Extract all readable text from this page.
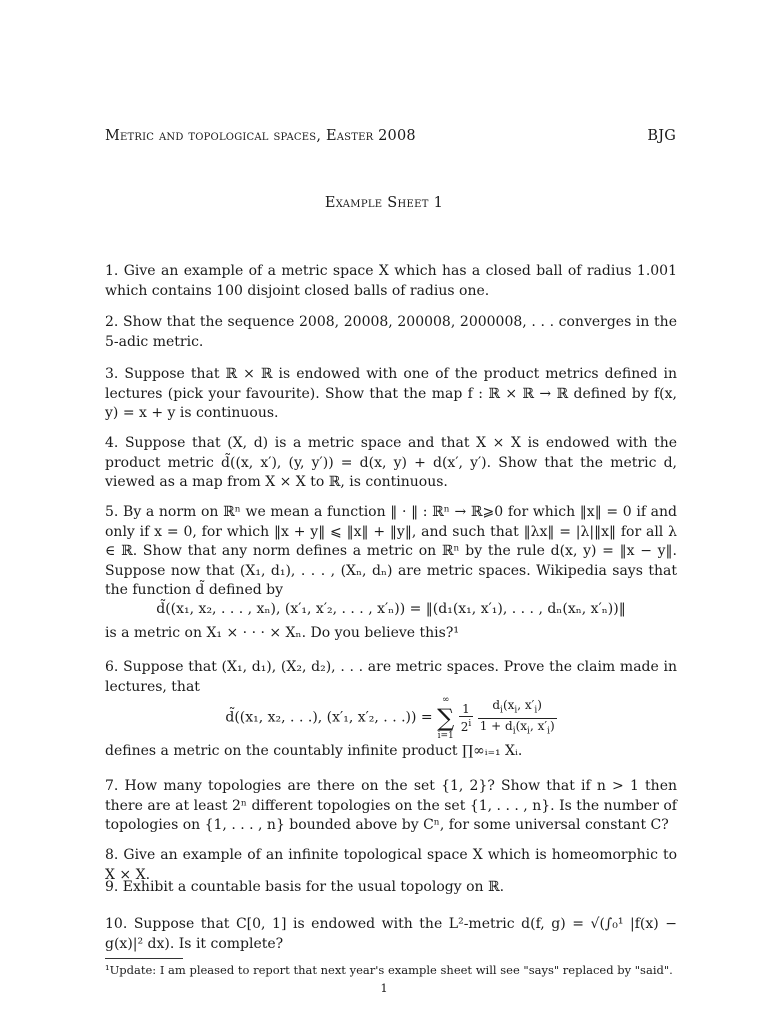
Metric and topological spaces, Easter 2008	BJG
Example Sheet 1

1. Give an example of a metric space X which has a closed ball of radius 1.001 which contains 100 disjoint closed balls of radius one.

2. Show that the sequence 2008, 20008, 200008, 2000008, . . . converges in the 5-adic metric.

3. Suppose that ℝ × ℝ is endowed with one of the product metrics defined in lectures (pick your favourite). Show that the map f : ℝ × ℝ → ℝ defined by f(x, y) = x + y is continuous.

4. Suppose that (X, d) is a metric space and that X × X is endowed with the product metric d̃((x, x′), (y, y′)) = d(x, y) + d(x′, y′). Show that the metric d, viewed as a map from X × X to ℝ, is continuous.

5. By a norm on ℝⁿ we mean a function ‖ · ‖ : ℝⁿ → ℝ⩾0 for which ‖x‖ = 0 if and only if x = 0, for which ‖x + y‖ ⩽ ‖x‖ + ‖y‖, and such that ‖λx‖ = |λ|‖x‖ for all λ ∈ ℝ. Show that any norm defines a metric on ℝⁿ by the rule d(x, y) = ‖x − y‖. Suppose now that (X₁, d₁), . . . , (Xₙ, dₙ) are metric spaces. Wikipedia says that the function d̃ defined by

d̃((x₁, x₂, . . . , xₙ), (x′₁, x′₂, . . . , x′ₙ)) = ‖(d₁(x₁, x′₁), . . . , dₙ(xₙ, x′ₙ))‖

is a metric on X₁ × · · · × Xₙ. Do you believe this?¹

6. Suppose that (X₁, d₁), (X₂, d₂), . . . are metric spaces. Prove the claim made in lectures, that

d̃((x₁, x₂, . . .), (x′₁, x′₂, . . .)) =
∞
∑
i=1

$\frac{1}{2^i}$
$\frac{d_i(x_i, x'_i)}{1 + d_i(x_i, x'_i)}$

defines a metric on the countably infinite product ∏∞ᵢ₌₁ Xᵢ.

7. How many topologies are there on the set {1, 2}? Show that if n > 1 then there are at least 2ⁿ different topologies on the set {1, . . . , n}. Is the number of topologies on {1, . . . , n} bounded above by Cⁿ, for some universal constant C?

8. Give an example of an infinite topological space X which is homeomorphic to X × X.

9. Exhibit a countable basis for the usual topology on ℝ.

10. Suppose that C[0, 1] is endowed with the L²-metric d(f, g) = √(∫₀¹ |f(x) − g(x)|² dx). Is it complete?

¹Update: I am pleased to report that next year's example sheet will see "says" replaced by "said".
1
